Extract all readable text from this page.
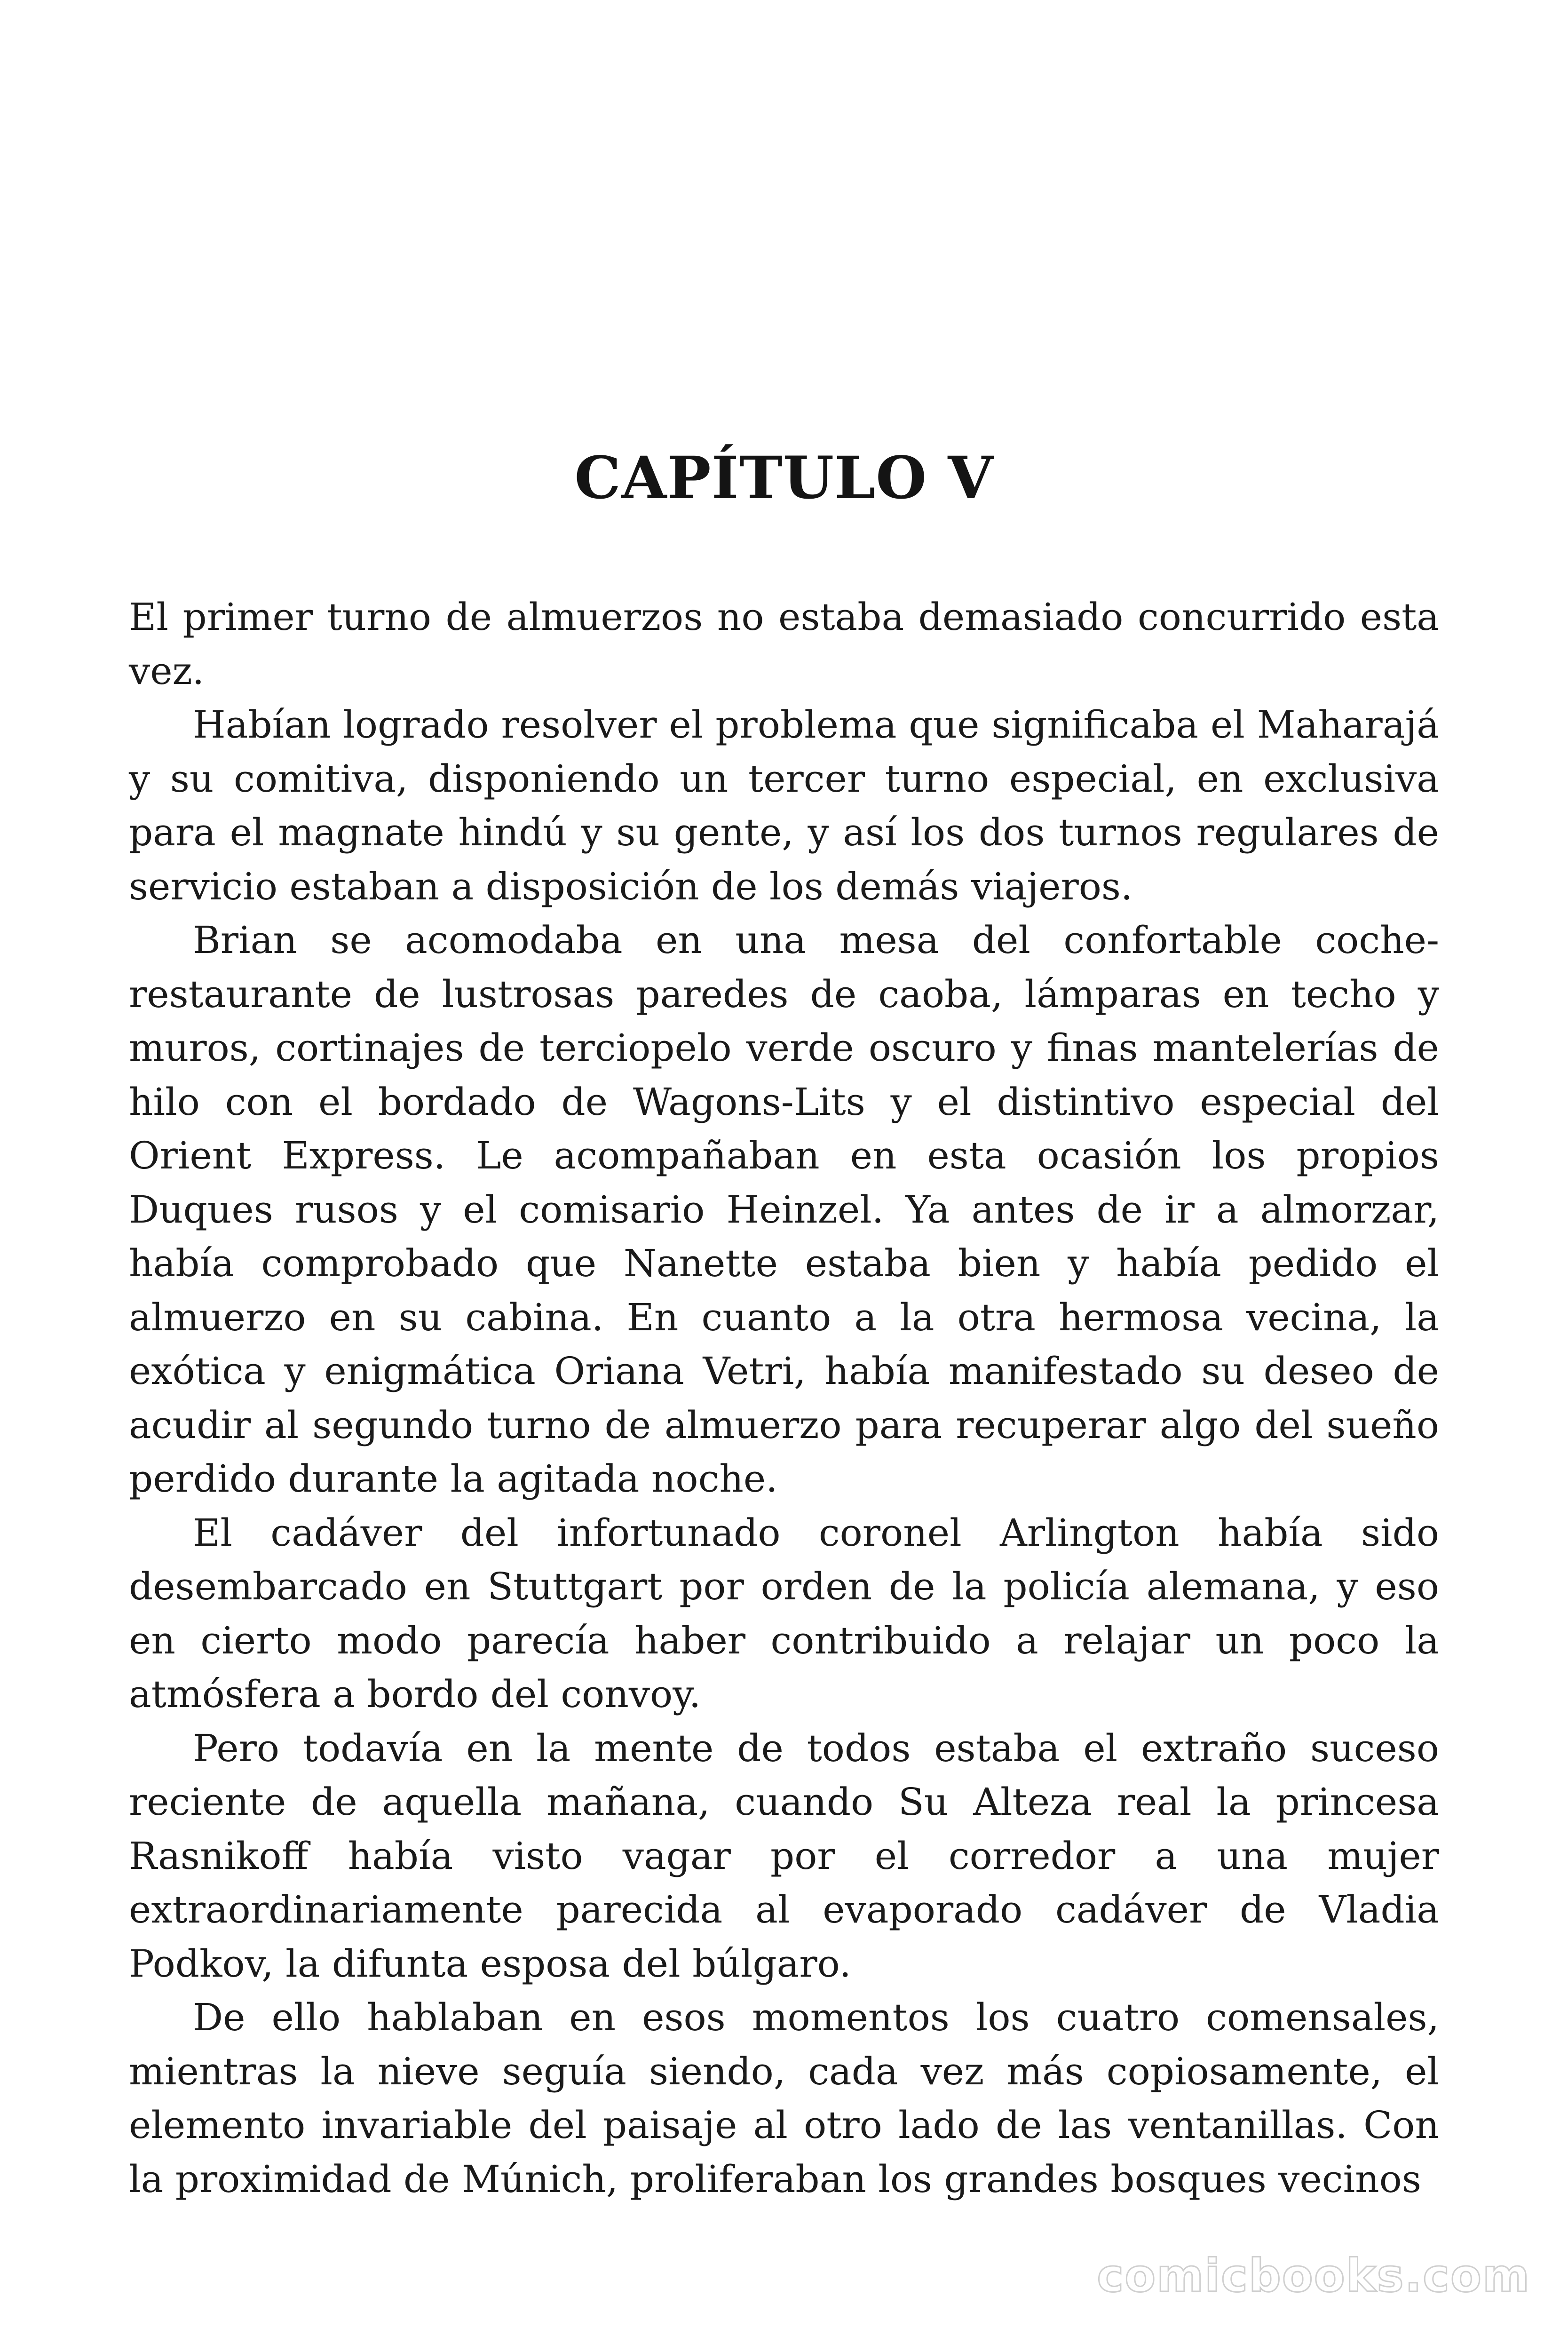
CAPÍTULO V

El primer turno de almuerzos no estaba demasiado concurrido esta vez.

Habían logrado resolver el problema que significaba el Maharajá y su comitiva, disponiendo un tercer turno especial, en exclusiva para el magnate hindú y su gente, y así los dos turnos regulares de servicio estaban a disposición de los demás viajeros.

Brian se acomodaba en una mesa del confortable coche-restaurante de lustrosas paredes de caoba, lámparas en techo y muros, cortinajes de terciopelo verde oscuro y finas mantelerías de hilo con el bordado de Wagons-Lits y el distintivo especial del Orient Express. Le acompañaban en esta ocasión los propios Duques rusos y el comisario Heinzel. Ya antes de ir a almorzar, había comprobado que Nanette estaba bien y había pedido el almuerzo en su cabina. En cuanto a la otra hermosa vecina, la exótica y enigmática Oriana Vetri, había manifestado su deseo de acudir al segundo turno de almuerzo para recuperar algo del sueño perdido durante la agitada noche.

El cadáver del infortunado coronel Arlington había sido desembarcado en Stuttgart por orden de la policía alemana, y eso en cierto modo parecía haber contribuido a relajar un poco la atmósfera a bordo del convoy.

Pero todavía en la mente de todos estaba el extraño suceso reciente de aquella mañana, cuando Su Alteza real la princesa Rasnikoff había visto vagar por el corredor a una mujer extraordinariamente parecida al evaporado cadáver de Vladia Podkov, la difunta esposa del búlgaro.

De ello hablaban en esos momentos los cuatro comensales, mientras la nieve seguía siendo, cada vez más copiosamente, el elemento invariable del paisaje al otro lado de las ventanillas. Con la proximidad de Múnich, proliferaban los grandes bosques vecinos

comicbooks.com
